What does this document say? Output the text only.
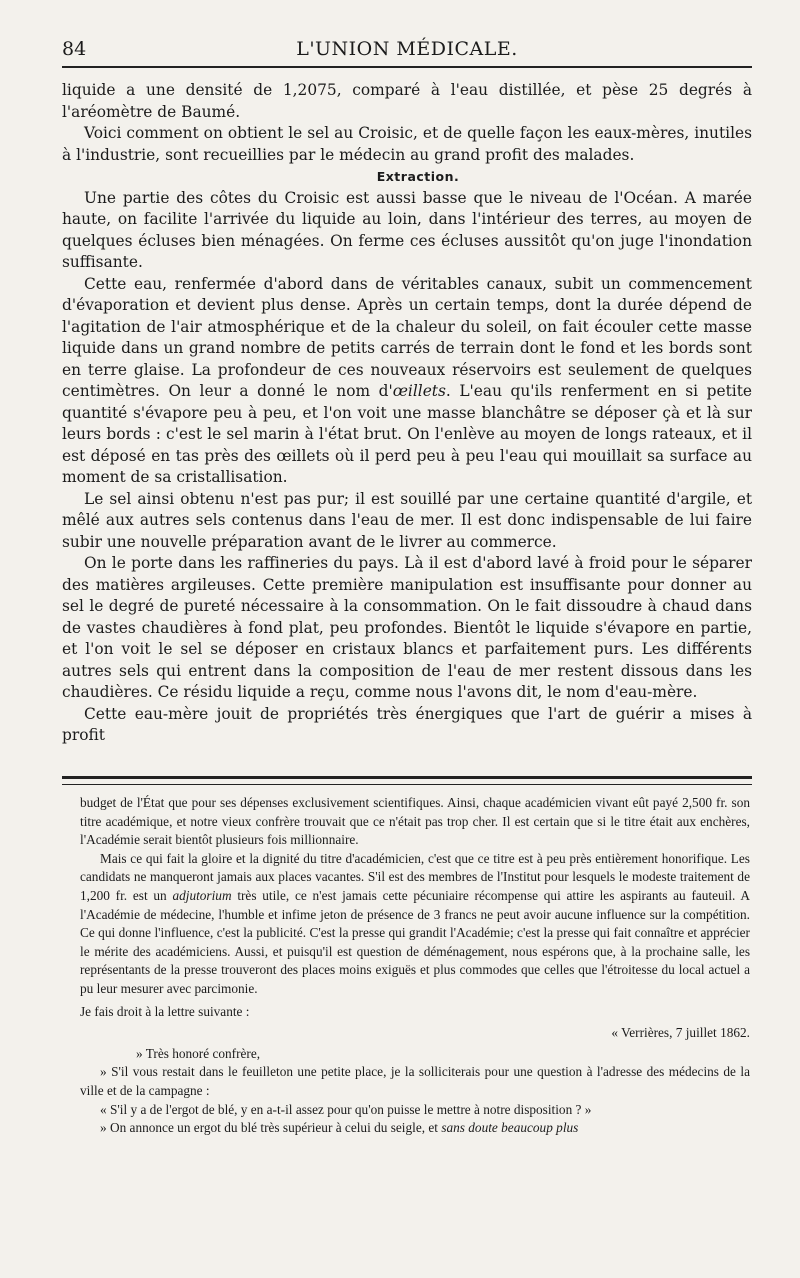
84	L'UNION MÉDICALE.

liquide a une densité de 1,2075, comparé à l'eau distillée, et pèse 25 degrés à l'aréomètre de Baumé.

Voici comment on obtient le sel au Croisic, et de quelle façon les eaux-mères, inutiles à l'industrie, sont recueillies par le médecin au grand profit des malades.

Extraction.

Une partie des côtes du Croisic est aussi basse que le niveau de l'Océan. A marée haute, on facilite l'arrivée du liquide au loin, dans l'intérieur des terres, au moyen de quelques écluses bien ménagées. On ferme ces écluses aussitôt qu'on juge l'inondation suffisante.

Cette eau, renfermée d'abord dans de véritables canaux, subit un commencement d'évaporation et devient plus dense. Après un certain temps, dont la durée dépend de l'agitation de l'air atmosphérique et de la chaleur du soleil, on fait écouler cette masse liquide dans un grand nombre de petits carrés de terrain dont le fond et les bords sont en terre glaise. La profondeur de ces nouveaux réservoirs est seulement de quelques centimètres. On leur a donné le nom d'œillets. L'eau qu'ils renferment en si petite quantité s'évapore peu à peu, et l'on voit une masse blanchâtre se déposer çà et là sur leurs bords : c'est le sel marin à l'état brut. On l'enlève au moyen de longs rateaux, et il est déposé en tas près des œillets où il perd peu à peu l'eau qui mouillait sa surface au moment de sa cristallisation.

Le sel ainsi obtenu n'est pas pur; il est souillé par une certaine quantité d'argile, et mêlé aux autres sels contenus dans l'eau de mer. Il est donc indispensable de lui faire subir une nouvelle préparation avant de le livrer au commerce.

On le porte dans les raffineries du pays. Là il est d'abord lavé à froid pour le séparer des matières argileuses. Cette première manipulation est insuffisante pour donner au sel le degré de pureté nécessaire à la consommation. On le fait dissoudre à chaud dans de vastes chaudières à fond plat, peu profondes. Bientôt le liquide s'évapore en partie, et l'on voit le sel se déposer en cristaux blancs et parfaitement purs. Les différents autres sels qui entrent dans la composition de l'eau de mer restent dissous dans les chaudières. Ce résidu liquide a reçu, comme nous l'avons dit, le nom d'eau-mère.

Cette eau-mère jouit de propriétés très énergiques que l'art de guérir a mises à profit

budget de l'État que pour ses dépenses exclusivement scientifiques. Ainsi, chaque académicien vivant eût payé 2,500 fr. son titre académique, et notre vieux confrère trouvait que ce n'était pas trop cher. Il est certain que si le titre était aux enchères, l'Académie serait bientôt plusieurs fois millionnaire.

Mais ce qui fait la gloire et la dignité du titre d'académicien, c'est que ce titre est à peu près entièrement honorifique. Les candidats ne manqueront jamais aux places vacantes. S'il est des membres de l'Institut pour lesquels le modeste traitement de 1,200 fr. est un adjutorium très utile, ce n'est jamais cette pécuniaire récompense qui attire les aspirants au fauteuil. A l'Académie de médecine, l'humble et infime jeton de présence de 3 francs ne peut avoir aucune influence sur la compétition. Ce qui donne l'influence, c'est la publicité. C'est la presse qui grandit l'Académie; c'est la presse qui fait connaître et apprécier le mérite des académiciens. Aussi, et puisqu'il est question de déménagement, nous espérons que, à la prochaine salle, les représentants de la presse trouveront des places moins exiguës et plus commodes que celles que l'étroitesse du local actuel a pu leur mesurer avec parcimonie.

Je fais droit à la lettre suivante :

« Verrières, 7 juillet 1862.

» Très honoré confrère,

» S'il vous restait dans le feuilleton une petite place, je la solliciterais pour une question à l'adresse des médecins de la ville et de la campagne :

« S'il y a de l'ergot de blé, y en a-t-il assez pour qu'on puisse le mettre à notre disposition ? »

» On annonce un ergot du blé très supérieur à celui du seigle, et sans doute beaucoup plus
